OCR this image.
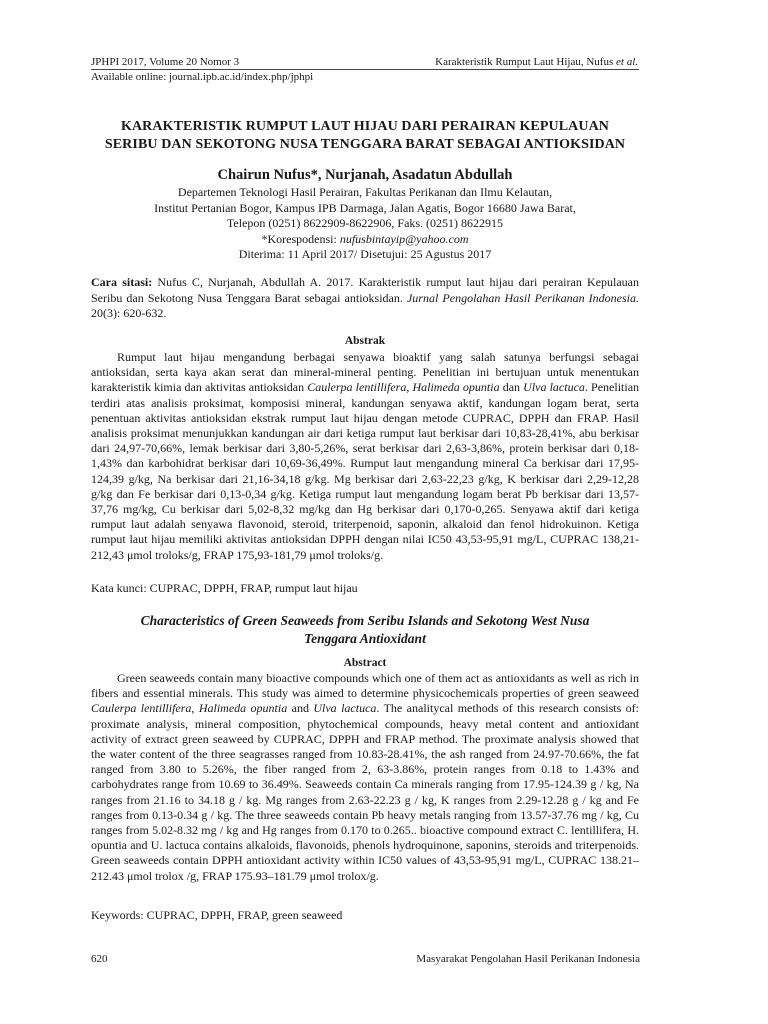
JPHPI 2017, Volume 20 Nomor 3	Karakteristik Rumput Laut Hijau, Nufus et al.
Available online: journal.ipb.ac.id/index.php/jphpi
KARAKTERISTIK RUMPUT LAUT HIJAU DARI PERAIRAN KEPULAUAN
SERIBU DAN SEKOTONG NUSA TENGGARA BARAT SEBAGAI ANTIOKSIDAN
Chairun Nufus*, Nurjanah, Asadatun Abdullah
Departemen Teknologi Hasil Perairan, Fakultas Perikanan dan Ilmu Kelautan,
Institut Pertanian Bogor, Kampus IPB Darmaga, Jalan Agatis, Bogor 16680 Jawa Barat,
Telepon (0251) 8622909-8622906, Faks. (0251) 8622915
*Korespodensi: nufusbintayip@yahoo.com
Diterima: 11 April 2017/ Disetujui: 25 Agustus 2017
Cara sitasi: Nufus C, Nurjanah, Abdullah A. 2017. Karakteristik rumput laut hijau dari perairan Kepulauan Seribu dan Sekotong Nusa Tenggara Barat sebagai antioksidan. Jurnal Pengolahan Hasil Perikanan Indonesia. 20(3): 620-632.
Abstrak
Rumput laut hijau mengandung berbagai senyawa bioaktif yang salah satunya berfungsi sebagai antioksidan, serta kaya akan serat dan mineral-mineral penting. Penelitian ini bertujuan untuk menentukan karakteristik kimia dan aktivitas antioksidan Caulerpa lentillifera, Halimeda opuntia dan Ulva lactuca. Penelitian terdiri atas analisis proksimat, komposisi mineral, kandungan senyawa aktif, kandungan logam berat, serta penentuan aktivitas antioksidan ekstrak rumput laut hijau dengan metode CUPRAC, DPPH dan FRAP. Hasil analisis proksimat menunjukkan kandungan air dari ketiga rumput laut berkisar dari 10,83-28,41%, abu berkisar dari 24,97-70,66%, lemak berkisar dari 3,80-5,26%, serat berkisar dari 2,63-3,86%, protein berkisar dari 0,18-1,43% dan karbohidrat berkisar dari 10,69-36,49%. Rumput laut mengandung mineral Ca berkisar dari 17,95-124,39 g/kg, Na berkisar dari 21,16-34,18 g/kg. Mg berkisar dari 2,63-22,23 g/kg, K berkisar dari 2,29-12,28 g/kg dan Fe berkisar dari 0,13-0,34 g/kg. Ketiga rumput laut mengandung logam berat Pb berkisar dari 13,57-37,76 mg/kg, Cu berkisar dari 5,02-8,32 mg/kg dan Hg berkisar dari 0,170-0,265. Senyawa aktif dari ketiga rumput laut adalah senyawa flavonoid, steroid, triterpenoid, saponin, alkaloid dan fenol hidrokuinon. Ketiga rumput laut hijau memiliki aktivitas antioksidan DPPH dengan nilai IC50 43,53-95,91 mg/L, CUPRAC 138,21-212,43 μmol troloks/g, FRAP 175,93-181,79 μmol troloks/g.
Kata kunci: CUPRAC, DPPH, FRAP, rumput laut hijau
Characteristics of Green Seaweeds from Seribu Islands and Sekotong West Nusa
Tenggara Antioxidant
Abstract
Green seaweeds contain many bioactive compounds which one of them act as antioxidants as well as rich in fibers and essential minerals. This study was aimed to determine physicochemicals properties of green seaweed Caulerpa lentillifera, Halimeda opuntia and Ulva lactuca. The analitycal methods of this research consists of: proximate analysis, mineral composition, phytochemical compounds, heavy metal content and antioxidant activity of extract green seaweed by CUPRAC, DPPH and FRAP method. The proximate analysis showed that the water content of the three seagrasses ranged from 10.83-28.41%, the ash ranged from 24.97-70.66%, the fat ranged from 3.80 to 5.26%, the fiber ranged from 2, 63-3.86%, protein ranges from 0.18 to 1.43% and carbohydrates range from 10.69 to 36.49%. Seaweeds contain Ca minerals ranging from 17.95-124.39 g / kg, Na ranges from 21.16 to 34.18 g / kg. Mg ranges from 2.63-22.23 g / kg, K ranges from 2.29-12.28 g / kg and Fe ranges from 0.13-0.34 g / kg. The three seaweeds contain Pb heavy metals ranging from 13.57-37.76 mg / kg, Cu ranges from 5.02-8.32 mg / kg and Hg ranges from 0.170 to 0.265.. bioactive compound extract C. lentillifera, H. opuntia and U. lactuca contains alkaloids, flavonoids, phenols hydroquinone, saponins, steroids and triterpenoids. Green seaweeds contain DPPH antioxidant activity within IC50 values of 43,53-95,91 mg/L, CUPRAC 138.21–212.43 μmol trolox /g, FRAP 175.93–181.79 μmol trolox/g.
Keywords: CUPRAC, DPPH, FRAP, green seaweed
620	Masyarakat Pengolahan Hasil Perikanan Indonesia
